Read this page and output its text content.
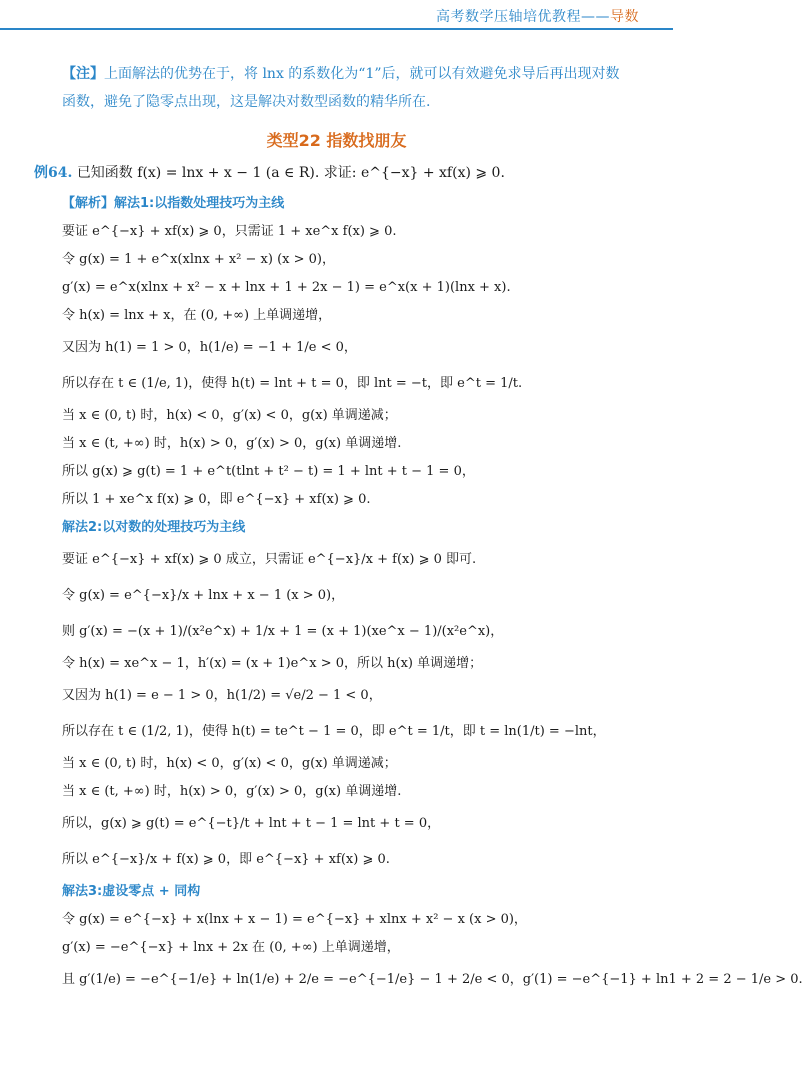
高考数学压轴培优教程——导数
【注】上面解法的优势在于，将 lnx 的系数化为“1”后，就可以有效避免求导后再出现对数函数，避免了隐零点出现，这是解决对数型函数的精华所在.
类型22 指数找朋友
例64. 已知函数 f(x) = lnx + x − 1 (a ∈ R). 求证: e^{−x} + xf(x) ⩾ 0.
【解析】解法1:以指数处理技巧为主线
要证 e^{−x} + xf(x) ⩾ 0，只需证 1 + xe^x f(x) ⩾ 0.
令 g(x) = 1 + e^x(xlnx + x² − x) (x > 0)，
g′(x) = e^x(xlnx + x² − x + lnx + 1 + 2x − 1) = e^x(x + 1)(lnx + x).
令 h(x) = lnx + x，在 (0, +∞) 上单调递增，
又因为 h(1) = 1 > 0，h(1/e) = −1 + 1/e < 0，
所以存在 t ∈ (1/e, 1)，使得 h(t) = lnt + t = 0，即 lnt = −t，即 e^t = 1/t.
当 x ∈ (0, t) 时，h(x) < 0，g′(x) < 0，g(x) 单调递减；
当 x ∈ (t, +∞) 时，h(x) > 0，g′(x) > 0，g(x) 单调递增.
所以 g(x) ⩾ g(t) = 1 + e^t(tlnt + t² − t) = 1 + lnt + t − 1 = 0，
所以 1 + xe^x f(x) ⩾ 0，即 e^{−x} + xf(x) ⩾ 0.
解法2:以对数的处理技巧为主线
要证 e^{−x} + xf(x) ⩾ 0 成立，只需证 e^{−x}/x + f(x) ⩾ 0 即可.
令 g(x) = e^{−x}/x + lnx + x − 1 (x > 0)，
则 g′(x) = −(x + 1)/(x²e^x) + 1/x + 1 = (x + 1)(xe^x − 1)/(x²e^x)，
令 h(x) = xe^x − 1，h′(x) = (x + 1)e^x > 0，所以 h(x) 单调递增；
又因为 h(1) = e − 1 > 0，h(1/2) = √e/2 − 1 < 0，
所以存在 t ∈ (1/2, 1)，使得 h(t) = te^t − 1 = 0，即 e^t = 1/t，即 t = ln(1/t) = −lnt，
当 x ∈ (0, t) 时，h(x) < 0，g′(x) < 0，g(x) 单调递减；
当 x ∈ (t, +∞) 时，h(x) > 0，g′(x) > 0，g(x) 单调递增.
所以，g(x) ⩾ g(t) = e^{−t}/t + lnt + t − 1 = lnt + t = 0，
所以 e^{−x}/x + f(x) ⩾ 0，即 e^{−x} + xf(x) ⩾ 0.
解法3:虚设零点 + 同构
令 g(x) = e^{−x} + x(lnx + x − 1) = e^{−x} + xlnx + x² − x (x > 0)，
g′(x) = −e^{−x} + lnx + 2x 在 (0, +∞) 上单调递增，
且 g′(1/e) = −e^{−1/e} + ln(1/e) + 2/e = −e^{−1/e} − 1 + 2/e < 0，g′(1) = −e^{−1} + ln1 + 2 = 2 − 1/e > 0.
